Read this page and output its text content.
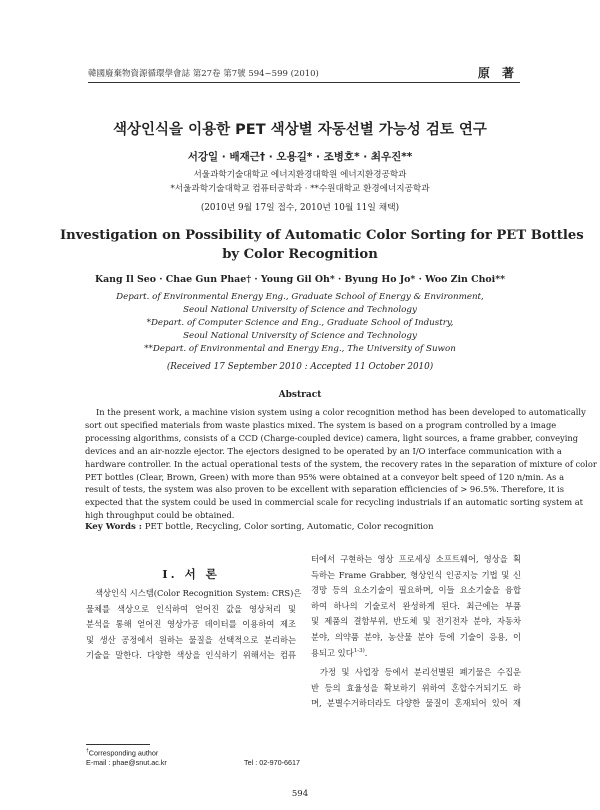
韓國廢棄物資源循環學會誌 第27卷 第7號 594~599 (2010)	原 著
색상인식을 이용한 PET 색상별 자동선별 가능성 검토 연구
서강일 · 배재근† · 오용길* · 조병호* · 최우진**
서울과학기술대학교 에너지환경대학원 에너지환경공학과
*서울과학기술대학교 컴퓨터공학과 · **수원대학교 환경에너지공학과
(2010년 9월 17일 접수, 2010년 10월 11일 채택)
Investigation on Possibility of Automatic Color Sorting for PET Bottles
by Color Recognition
Kang Il Seo · Chae Gun Phae† · Young Gil Oh* · Byung Ho Jo* · Woo Zin Choi**
Depart. of Environmental Energy Eng., Graduate School of Energy & Environment,
Seoul National University of Science and Technology
*Depart. of Computer Science and Eng., Graduate School of Industry,
Seoul National University of Science and Technology
**Depart. of Environmental and Energy Eng., The University of Suwon
(Received 17 September 2010 : Accepted 11 October 2010)
Abstract
In the present work, a machine vision system using a color recognition method has been developed to automatically
sort out specified materials from waste plastics mixed. The system is based on a program controlled by a image
processing algorithms, consists of a CCD (Charge-coupled device) camera, light sources, a frame grabber, conveying
devices and an air-nozzle ejector. The ejectors designed to be operated by an I/O interface communication with a
hardware controller. In the actual operational tests of the system, the recovery rates in the separation of mixture of color
PET bottles (Clear, Brown, Green) with more than 95% were obtained at a conveyor belt speed of 120 n/min. As a
result of tests, the system was also proven to be excellent with separation efficiencies of > 96.5%. Therefore, it is
expected that the system could be used in commercial scale for recycling industrials if an automatic sorting system at
high throughput could be obtained.
Key Words : PET bottle, Recycling, Color sorting, Automatic, Color recognition
I. 서 론
색상인식 시스템(Color Recognition System: CRS)은
물체를 색상으로 인식하여 얻어진 값을 영상처리 및
분석을 통해 얻어진 영상가공 데이터를 이용하여 제조
및 생산 공정에서 원하는 물질을 선택적으로 분리하는
기술을 말한다. 다양한 색상을 인식하기 위해서는 컴퓨
터에서 구현하는 영상 프로세싱 소프트웨어, 영상을 획
득하는 Frame Grabber, 형상인식 인공지능 기법 및 신
경망 등의 요소기술이 필요하며, 이들 요소기술을 융합
하여 하나의 기술로서 완성하게 된다. 최근에는 부품
및 제품의 결함부위, 반도체 및 전기전자 분야, 자동차
분야, 의약품 분야, 농산물 분야 등에 기술이 응용, 이
용되고 있다$^{1-3)}$.
가정 및 사업장 등에서 분리선별된 폐기물은 수집운
반 등의 효율성을 확보하기 위하여 혼합수거되기도 하
며, 분별수거하더라도 다양한 물질이 혼재되어 있어 재
†Corresponding author
E-mail : phae@snut.ac.kr	Tel : 02-970-6617
594
